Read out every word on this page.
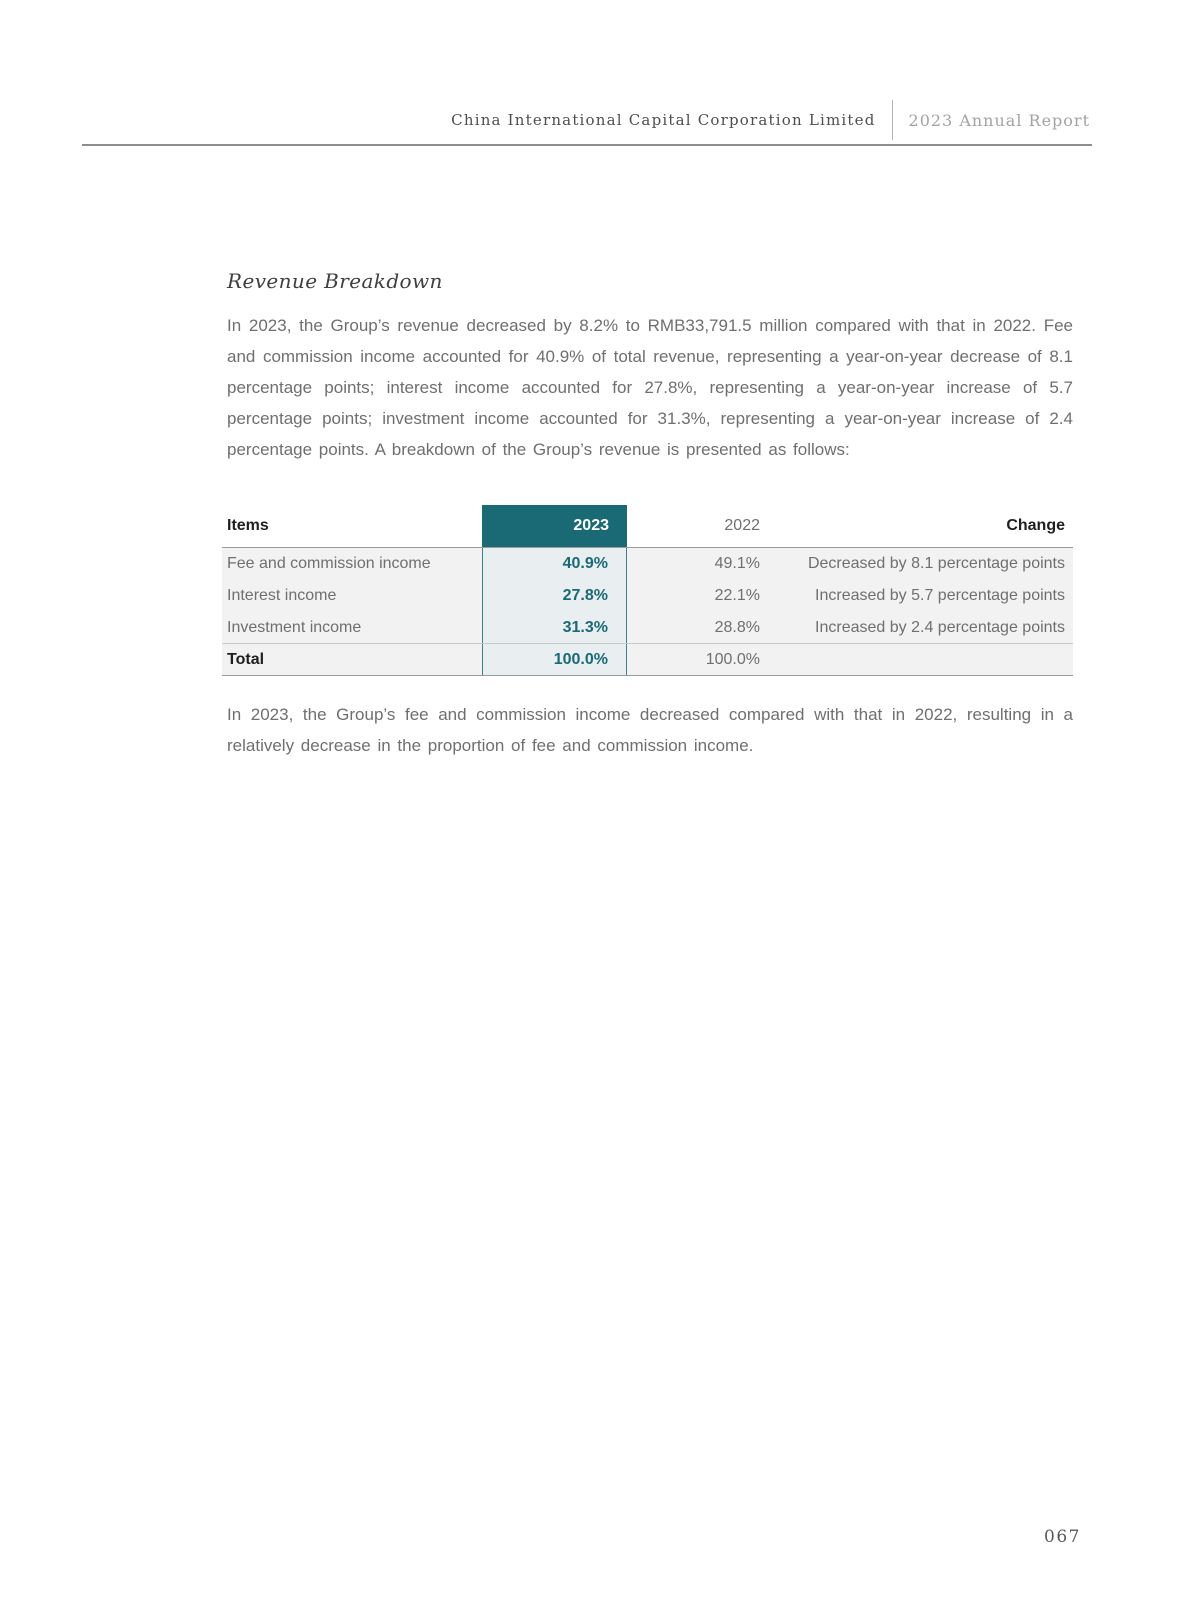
China International Capital Corporation Limited 2023 Annual Report
Revenue Breakdown

In 2023, the Group’s revenue decreased by 8.2% to RMB33,791.5 million compared with that in 2022. Fee and commission income accounted for 40.9% of total revenue, representing a year-on-year decrease of 8.1 percentage points; interest income accounted for 27.8%, representing a year-on-year increase of 5.7 percentage points; investment income accounted for 31.3%, representing a year-on-year increase of 2.4 percentage points. A breakdown of the Group’s revenue is presented as follows:

Items	2023	2022	Change
Fee and commission income	40.9%	49.1%	Decreased by 8.1 percentage points
Interest income	27.8%	22.1%	Increased by 5.7 percentage points
Investment income	31.3%	28.8%	Increased by 2.4 percentage points
Total	100.0%	100.0%

In 2023, the Group’s fee and commission income decreased compared with that in 2022, resulting in a relatively decrease in the proportion of fee and commission income.

067
